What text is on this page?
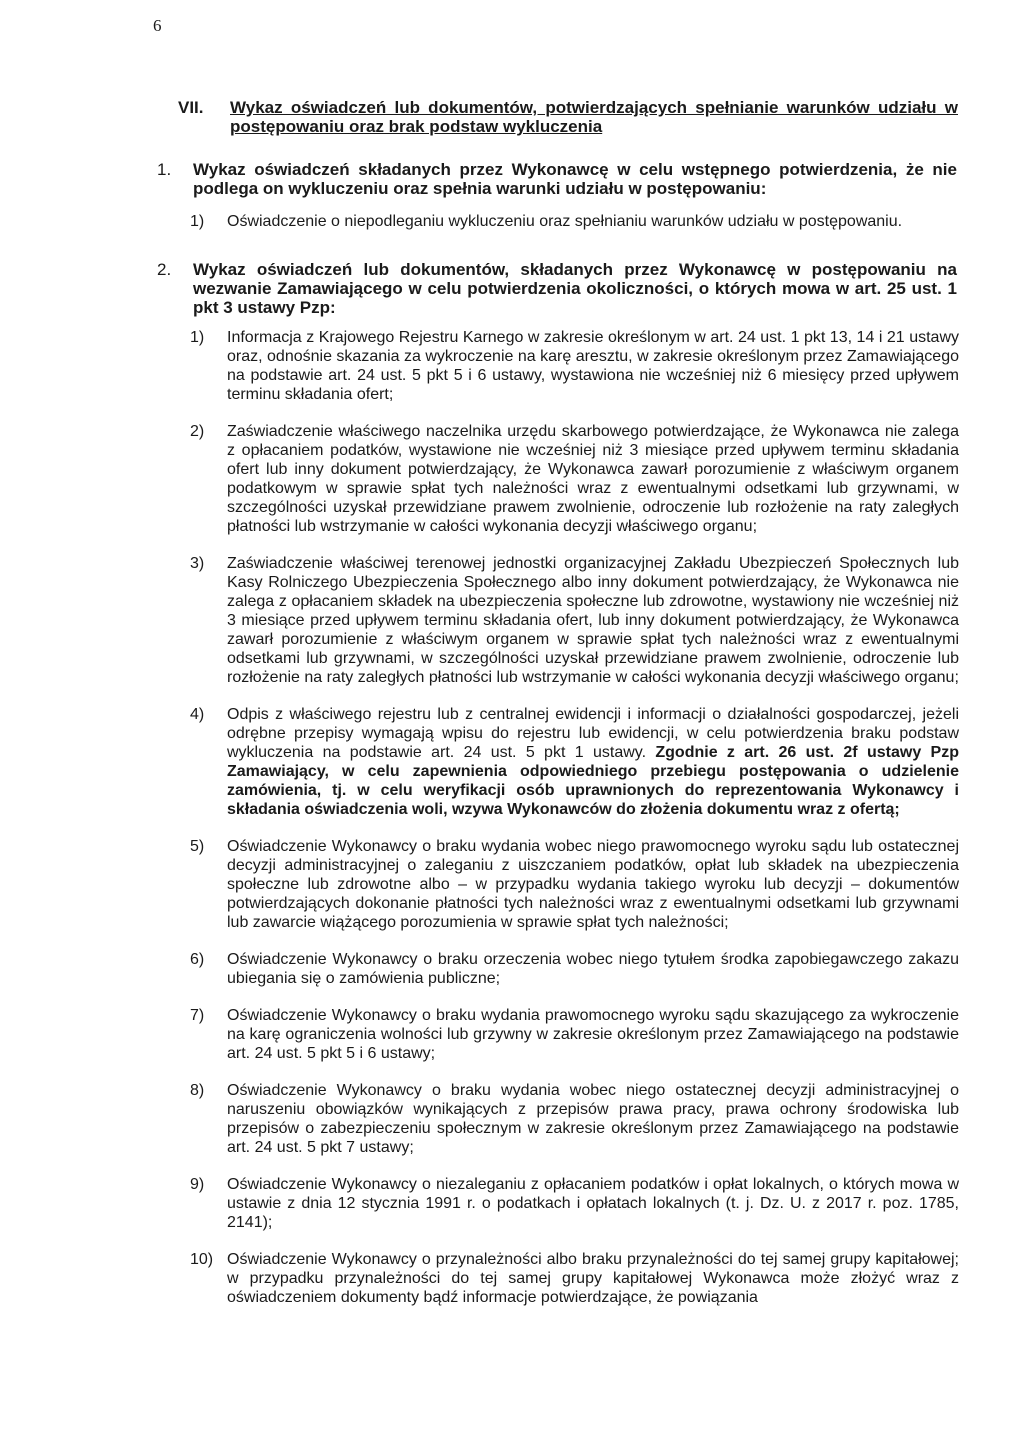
6
VII.	Wykaz oświadczeń lub dokumentów, potwierdzających spełnianie warunków udziału w postępowaniu oraz brak podstaw wykluczenia
1.	Wykaz oświadczeń składanych przez Wykonawcę w celu wstępnego potwierdzenia, że nie podlega on wykluczeniu oraz spełnia warunki udziału w postępowaniu:
1)	Oświadczenie o niepodleganiu wykluczeniu oraz spełnianiu warunków udziału w postępowaniu.
2.	Wykaz oświadczeń lub dokumentów, składanych przez Wykonawcę w postępowaniu na wezwanie Zamawiającego w celu potwierdzenia okoliczności, o których mowa w art. 25 ust. 1 pkt 3 ustawy Pzp:
1)	Informacja z Krajowego Rejestru Karnego w zakresie określonym w art. 24 ust. 1 pkt 13, 14 i 21 ustawy oraz, odnośnie skazania za wykroczenie na karę aresztu, w zakresie określonym przez Zamawiającego na podstawie art. 24 ust. 5 pkt 5 i 6 ustawy, wystawiona nie wcześniej niż 6 miesięcy przed upływem terminu składania ofert;
2)	Zaświadczenie właściwego naczelnika urzędu skarbowego potwierdzające, że Wykonawca nie zalega z opłacaniem podatków, wystawione nie wcześniej niż 3 miesiące przed upływem terminu składania ofert lub inny dokument potwierdzający, że Wykonawca zawarł porozumienie z właściwym organem podatkowym w sprawie spłat tych należności wraz z ewentualnymi odsetkami lub grzywnami, w szczególności uzyskał przewidziane prawem zwolnienie, odroczenie lub rozłożenie na raty zaległych płatności lub wstrzymanie w całości wykonania decyzji właściwego organu;
3)	Zaświadczenie właściwej terenowej jednostki organizacyjnej Zakładu Ubezpieczeń Społecznych lub Kasy Rolniczego Ubezpieczenia Społecznego albo inny dokument potwierdzający, że Wykonawca nie zalega z opłacaniem składek na ubezpieczenia społeczne lub zdrowotne, wystawiony nie wcześniej niż 3 miesiące przed upływem terminu składania ofert, lub inny dokument potwierdzający, że Wykonawca zawarł porozumienie z właściwym organem w sprawie spłat tych należności wraz z ewentualnymi odsetkami lub grzywnami, w szczególności uzyskał przewidziane prawem zwolnienie, odroczenie lub rozłożenie na raty zaległych płatności lub wstrzymanie w całości wykonania decyzji właściwego organu;
4)	Odpis z właściwego rejestru lub z centralnej ewidencji i informacji o działalności gospodarczej, jeżeli odrębne przepisy wymagają wpisu do rejestru lub ewidencji, w celu potwierdzenia braku podstaw wykluczenia na podstawie art. 24 ust. 5 pkt 1 ustawy. Zgodnie z art. 26 ust. 2f ustawy Pzp Zamawiający, w celu zapewnienia odpowiedniego przebiegu postępowania o udzielenie zamówienia, tj. w celu weryfikacji osób uprawnionych do reprezentowania Wykonawcy i składania oświadczenia woli, wzywa Wykonawców do złożenia dokumentu wraz z ofertą;
5)	Oświadczenie Wykonawcy o braku wydania wobec niego prawomocnego wyroku sądu lub ostatecznej decyzji administracyjnej o zaleganiu z uiszczaniem podatków, opłat lub składek na ubezpieczenia społeczne lub zdrowotne albo – w przypadku wydania takiego wyroku lub decyzji – dokumentów potwierdzających dokonanie płatności tych należności wraz z ewentualnymi odsetkami lub grzywnami lub zawarcie wiążącego porozumienia w sprawie spłat tych należności;
6)	Oświadczenie Wykonawcy o braku orzeczenia wobec niego tytułem środka zapobiegawczego zakazu ubiegania się o zamówienia publiczne;
7)	Oświadczenie Wykonawcy o braku wydania prawomocnego wyroku sądu skazującego za wykroczenie na karę ograniczenia wolności lub grzywny w zakresie określonym przez Zamawiającego na podstawie art. 24 ust. 5 pkt 5 i 6 ustawy;
8)	Oświadczenie Wykonawcy o braku wydania wobec niego ostatecznej decyzji administracyjnej o naruszeniu obowiązków wynikających z przepisów prawa pracy, prawa ochrony środowiska lub przepisów o zabezpieczeniu społecznym w zakresie określonym przez Zamawiającego na podstawie art. 24 ust. 5 pkt 7 ustawy;
9)	Oświadczenie Wykonawcy o niezaleganiu z opłacaniem podatków i opłat lokalnych, o których mowa w ustawie z dnia 12 stycznia 1991 r. o podatkach i opłatach lokalnych (t. j. Dz. U. z 2017 r. poz. 1785, 2141);
10) Oświadczenie Wykonawcy o przynależności albo braku przynależności do tej samej grupy kapitałowej; w przypadku przynależności do tej samej grupy kapitałowej Wykonawca może złożyć wraz z oświadczeniem dokumenty bądź informacje potwierdzające, że powiązania
